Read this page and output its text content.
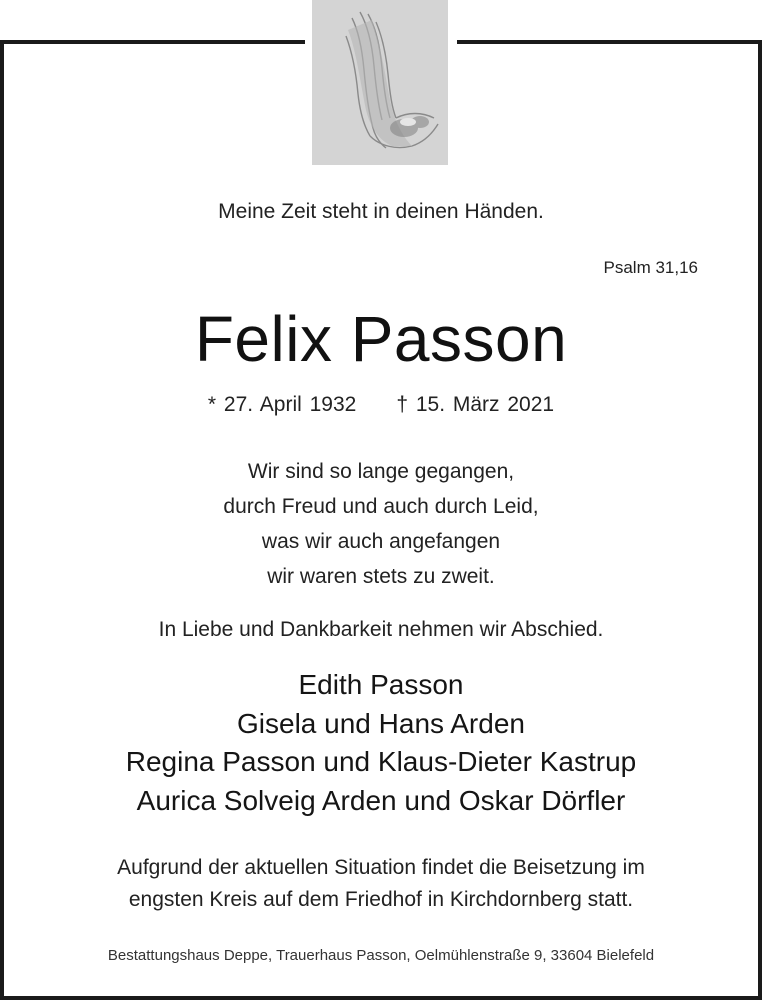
Meine Zeit steht in deinen Händen.
Psalm 31,16
Felix Passon
* 27. April 1932 † 15. März 2021
Wir sind so lange gegangen,
durch Freud und auch durch Leid,
was wir auch angefangen
wir waren stets zu zweit.
In Liebe und Dankbarkeit nehmen wir Abschied.
Edith Passon
Gisela und Hans Arden
Regina Passon und Klaus-Dieter Kastrup
Aurica Solveig Arden und Oskar Dörfler
Aufgrund der aktuellen Situation findet die Beisetzung im
engsten Kreis auf dem Friedhof in Kirchdornberg statt.
Bestattungshaus Deppe, Trauerhaus Passon, Oelmühlenstraße 9, 33604 Bielefeld
